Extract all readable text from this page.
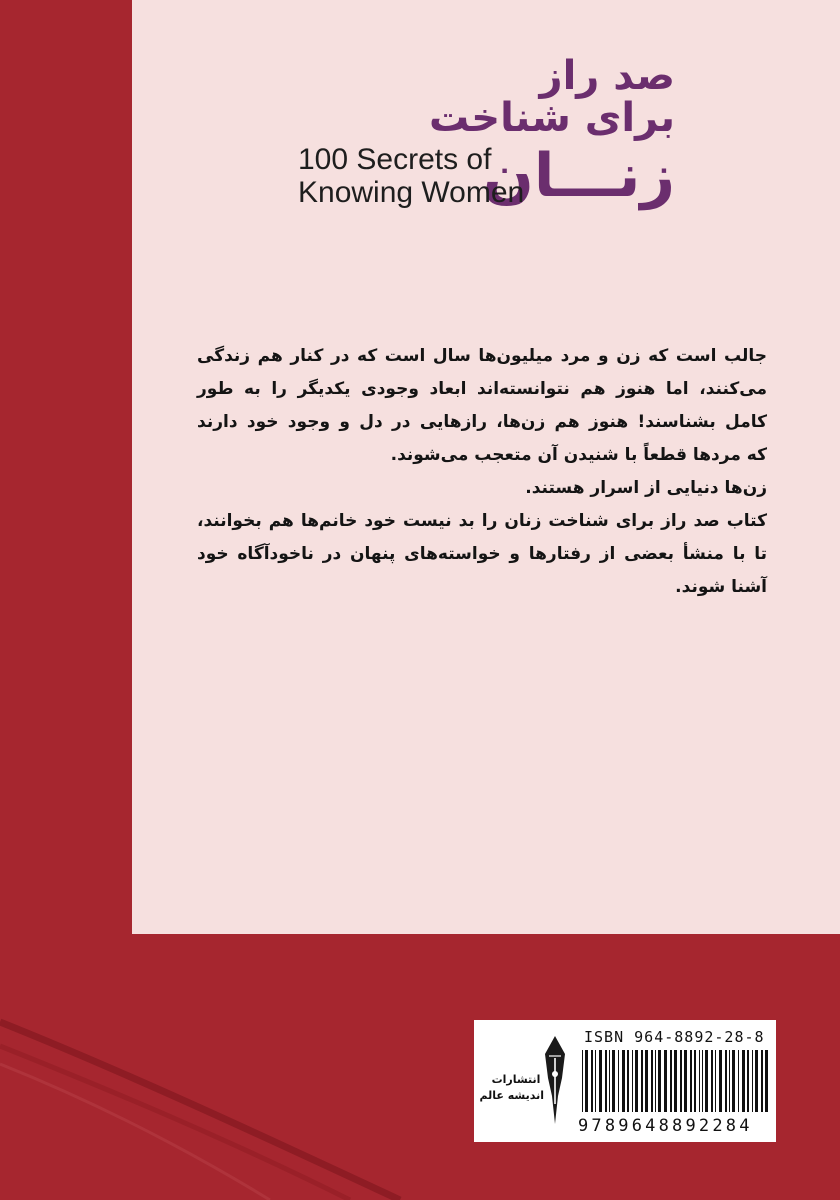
صد راز
برای شناخت
زنـــان
100 Secrets of
Knowing Women
جالب است که زن و مرد میلیون‌ها سال است که در کنار هم زندگی
می‌کنند، اما هنوز هم نتوانسته‌اند ابعاد وجودی یکدیگر را به طور
کامل بشناسند! هنوز هم زن‌ها، رازهایی در دل و وجود خود دارند
که مردها قطعاً با شنیدن آن متعجب می‌شوند.
زن‌ها دنیایی از اسرار هستند.
کتاب صد راز برای شناخت زنان را بد نیست خود خانم‌ها هم بخوانند،
تا با منشأ بعضی از رفتارها و خواسته‌های پنهان در ناخودآگاه خود
آشنا شوند.
انتشارات
اندیشه عالم
ISBN 964-8892-28-8
9789648892284
